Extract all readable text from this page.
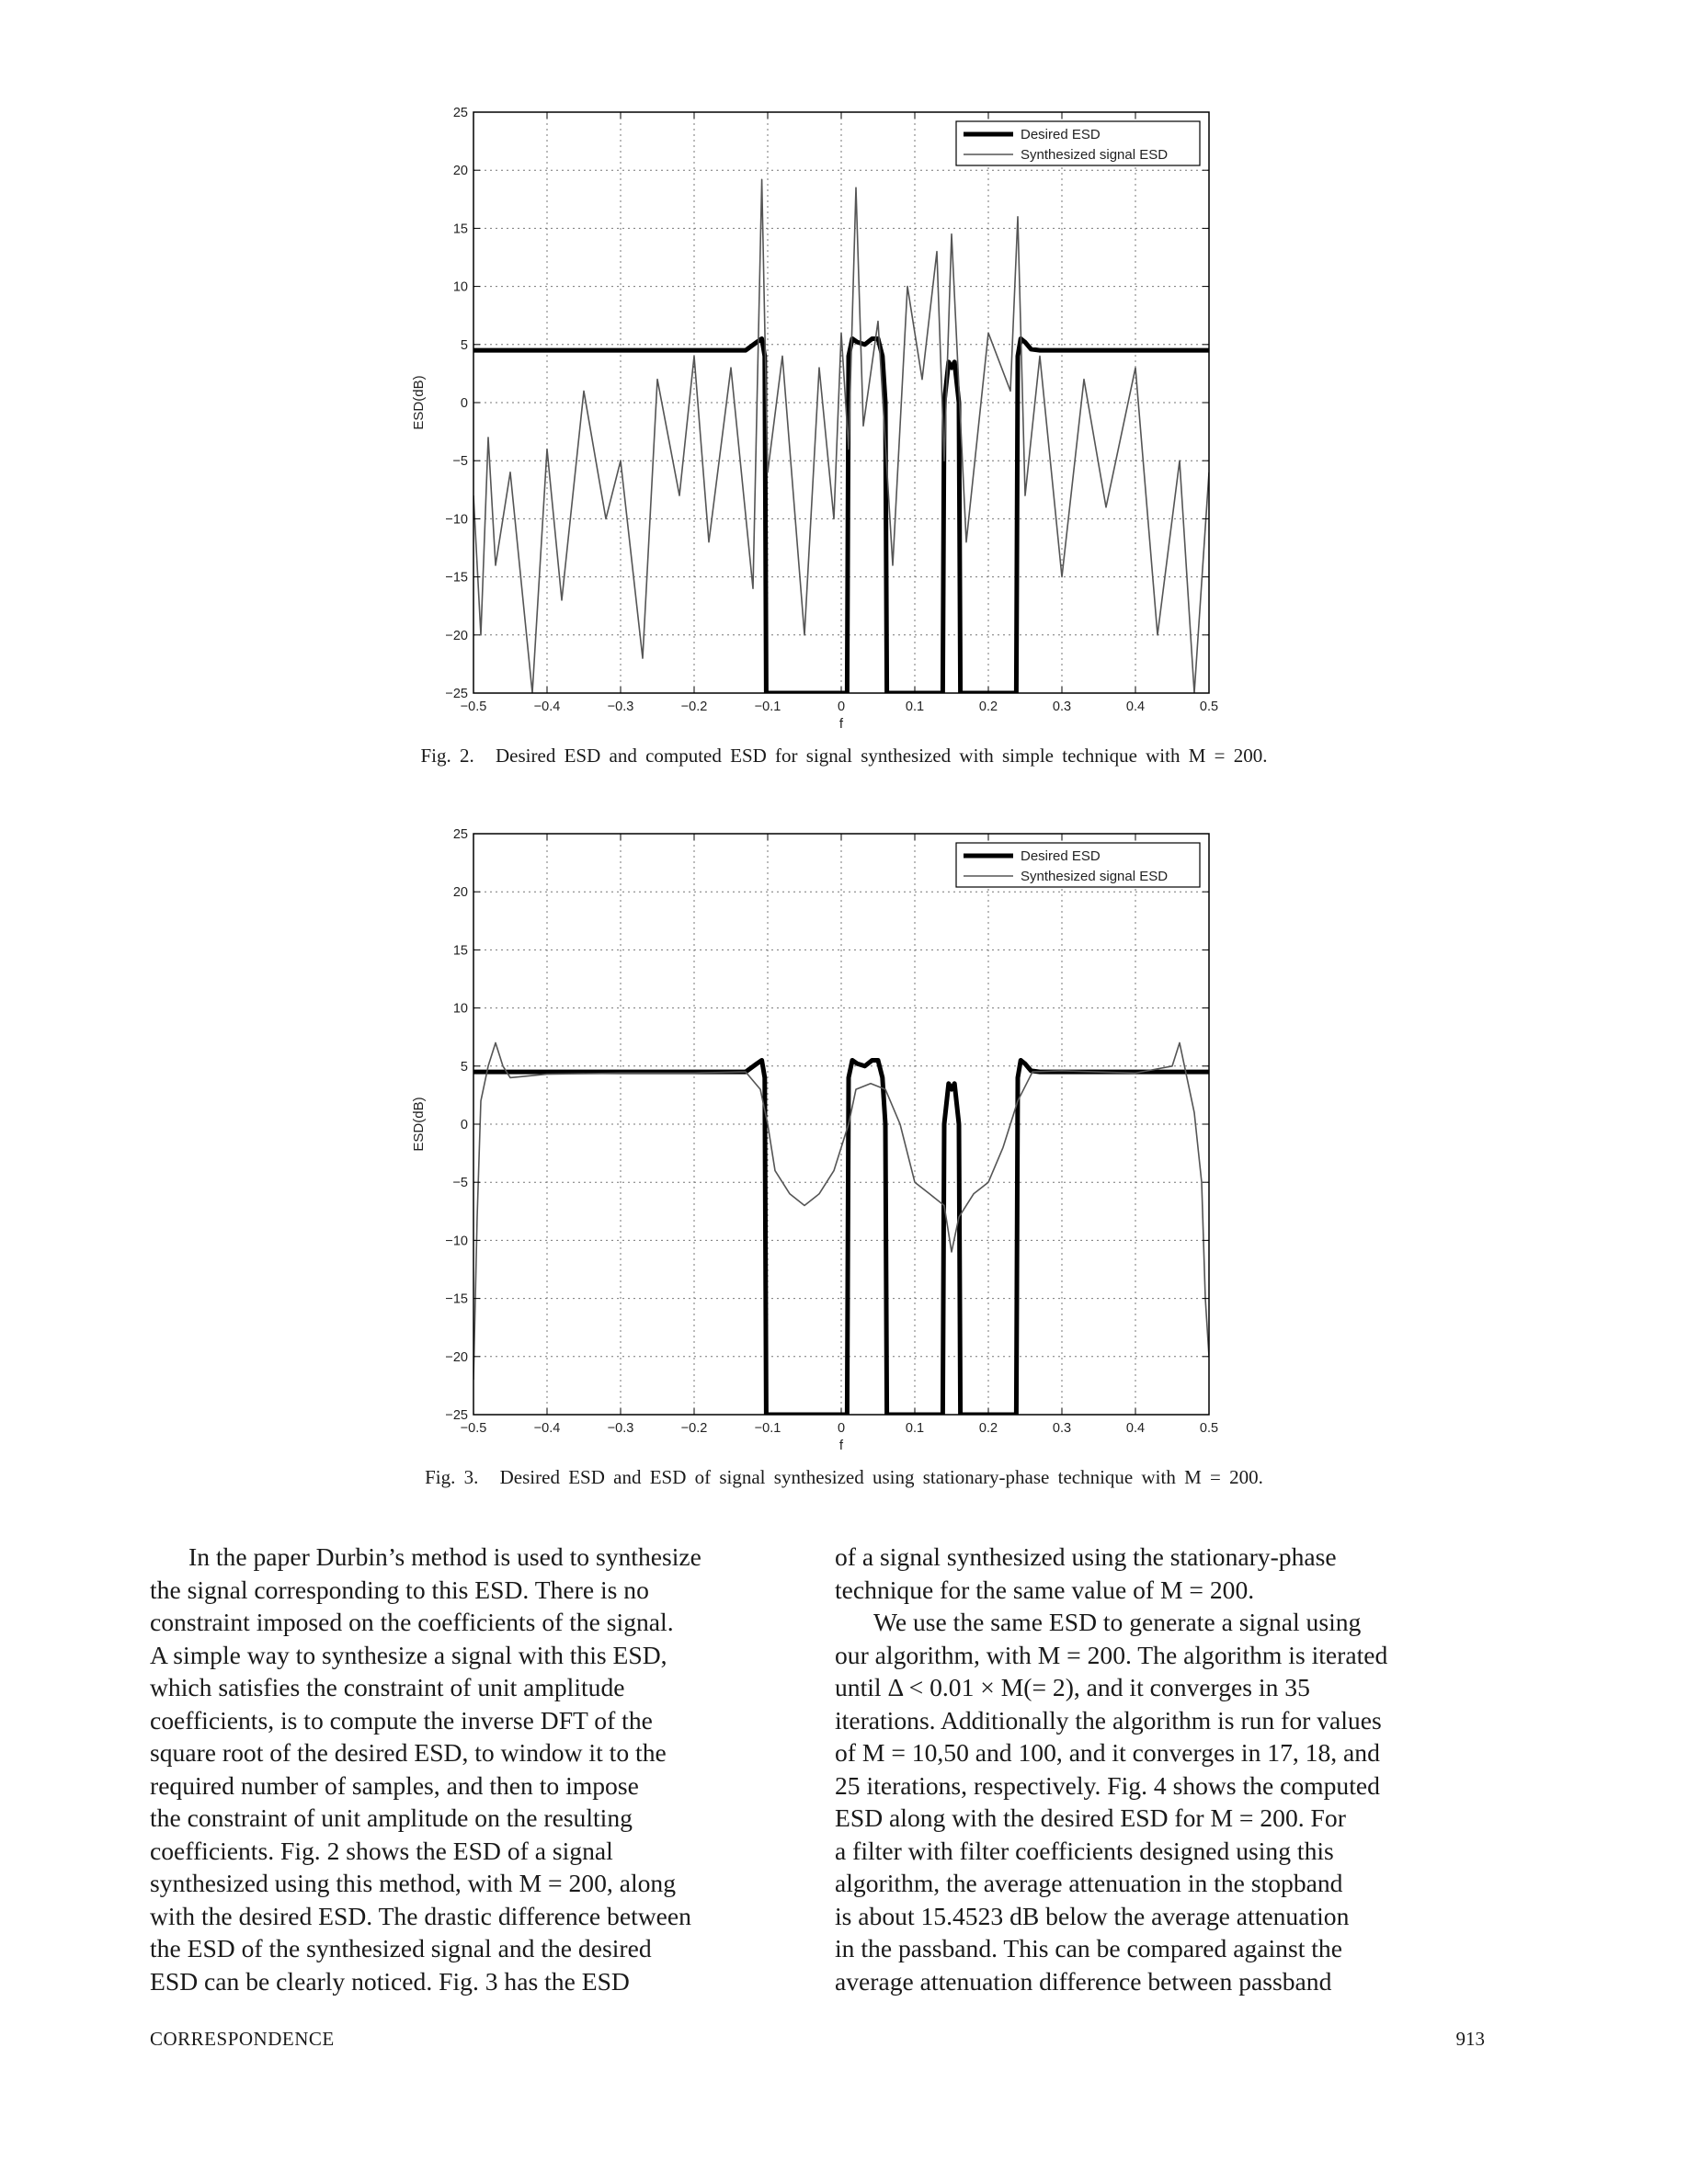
−0.5	−0.4	−0.3	−0.2	−0.1	0	0.1	0.2	0.3	0.4	0.5
−25
−20
−15
−10
−5
0
5
10
15
20
25
f
ESD(dB)
Desired ESD
Synthesized signal ESD
Fig. 2. Desired ESD and computed ESD for signal synthesized with simple technique with M = 200.
−0.5	−0.4	−0.3	−0.2	−0.1	0	0.1	0.2	0.3	0.4	0.5
−25
−20
−15
−10
−5
0
5
10
15
20
25
f
ESD(dB)
Desired ESD
Synthesized signal ESD
Fig. 3. Desired ESD and ESD of signal synthesized using stationary-phase technique with M = 200.

In the paper Durbin’s method is used to synthesize

the signal corresponding to this ESD. There is no
constraint imposed on the coefficients of the signal.
A simple way to synthesize a signal with this ESD,
which satisfies the constraint of unit amplitude
coefficients, is to compute the inverse DFT of the
square root of the desired ESD, to window it to the
required number of samples, and then to impose
the constraint of unit amplitude on the resulting
coefficients. Fig. 2 shows the ESD of a signal
synthesized using this method, with M = 200, along
with the desired ESD. The drastic difference between
the ESD of the synthesized signal and the desired
ESD can be clearly noticed. Fig. 3 has the ESD
of a signal synthesized using the stationary-phase
technique for the same value of M = 200.

We use the same ESD to generate a signal using

our algorithm, with M = 200. The algorithm is iterated
until Δ < 0.01 × M(= 2), and it converges in 35
iterations. Additionally the algorithm is run for values
of M = 10,50 and 100, and it converges in 17, 18, and
25 iterations, respectively. Fig. 4 shows the computed
ESD along with the desired ESD for M = 200. For
a filter with filter coefficients designed using this
algorithm, the average attenuation in the stopband
is about 15.4523 dB below the average attenuation
in the passband. This can be compared against the
average attenuation difference between passband
CORRESPONDENCE	913
